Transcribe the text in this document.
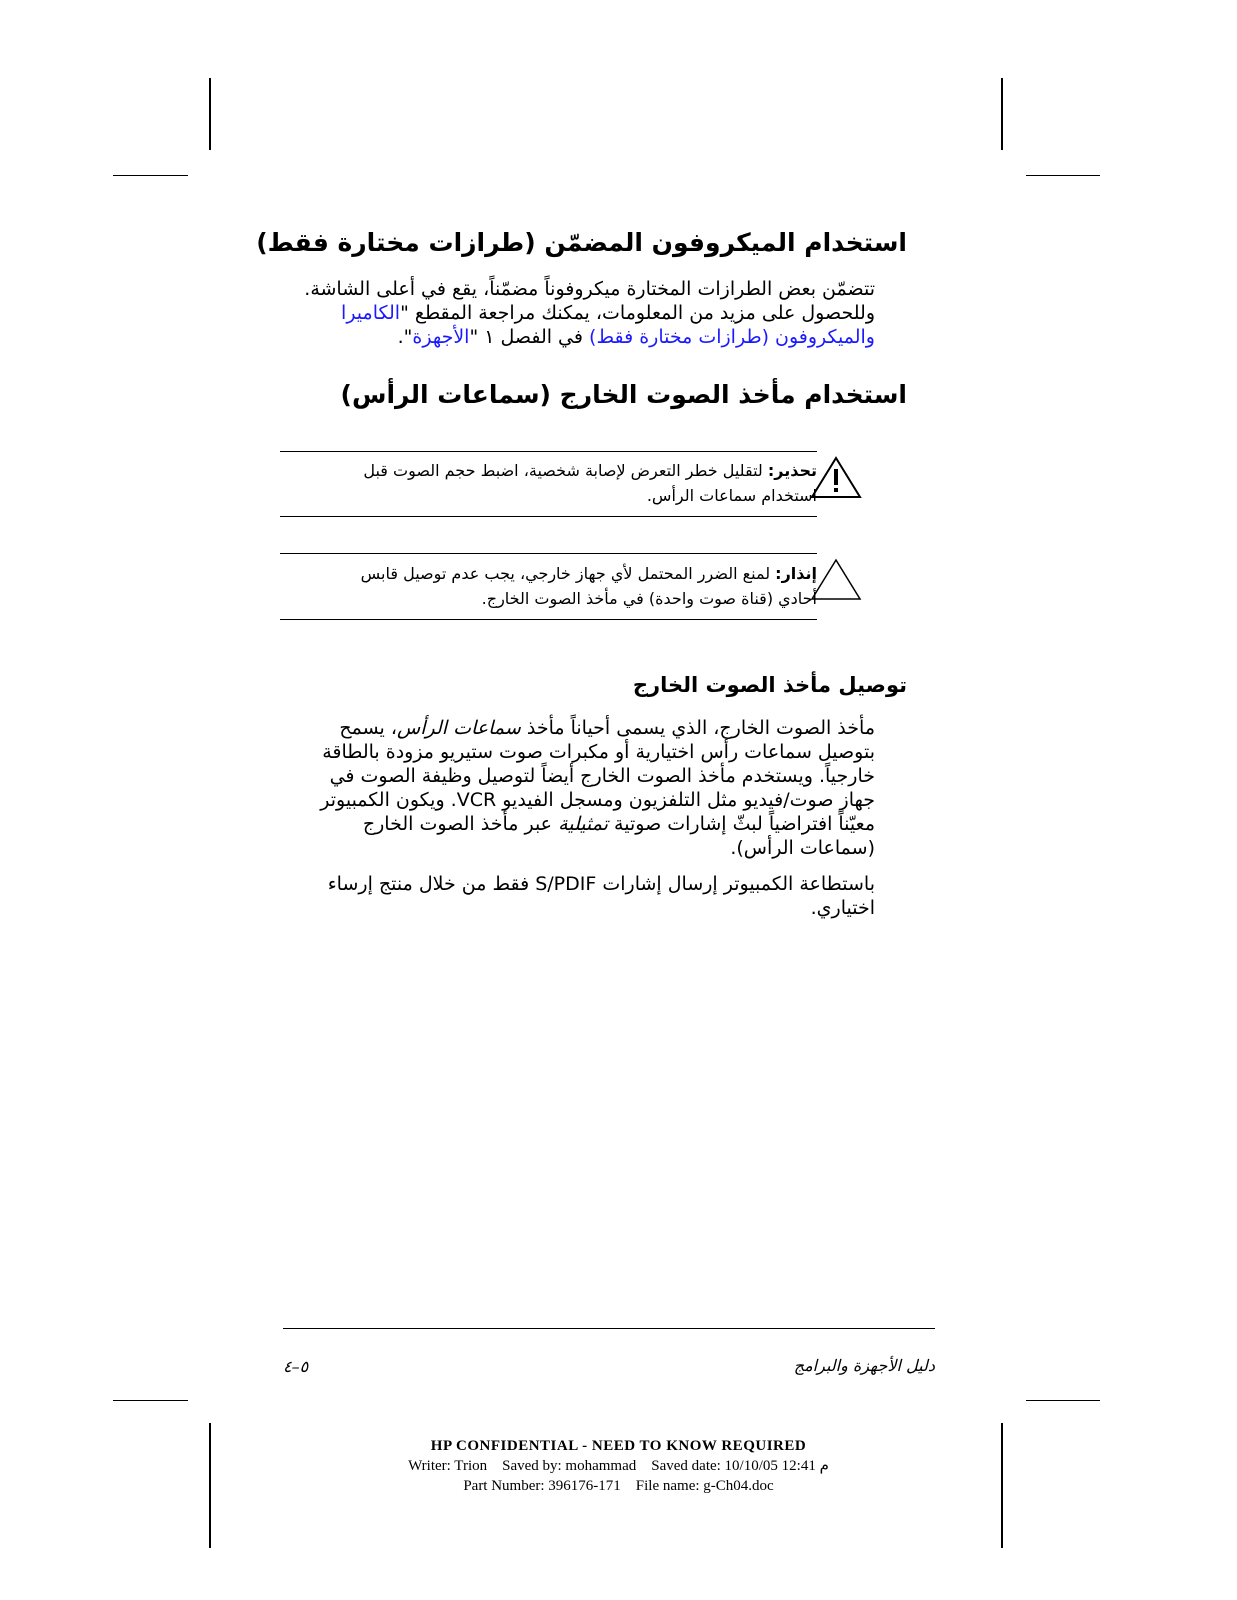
استخدام الميكروفون المضمّن (طرازات مختارة فقط)
تتضمّن بعض الطرازات المختارة ميكروفوناً مضمّناً، يقع في أعلى الشاشة.
وللحصول على مزيد من المعلومات، يمكنك مراجعة المقطع "الكاميرا
والميكروفون (طرازات مختارة فقط) في الفصل ١ "الأجهزة".
استخدام مأخذ الصوت الخارج (سماعات الرأس)
تحذير: لتقليل خطر التعرض لإصابة شخصية، اضبط حجم الصوت قبل
استخدام سماعات الرأس.
إنذار: لمنع الضرر المحتمل لأي جهاز خارجي، يجب عدم توصيل قابس
أحادي (قناة صوت واحدة) في مأخذ الصوت الخارج.
توصيل مأخذ الصوت الخارج
مأخذ الصوت الخارج، الذي يسمى أحياناً مأخذ سماعات الرأس، يسمح
بتوصيل سماعات رأس اختيارية أو مكبرات صوت ستيريو مزودة بالطاقة
خارجياً. ويستخدم مأخذ الصوت الخارج أيضاً لتوصيل وظيفة الصوت في
جهاز صوت/فيديو مثل التلفزيون ومسجل الفيديو VCR. ويكون الكمبيوتر
معيّناً افتراضياً لبثّ إشارات صوتية تمثيلية عبر مأخذ الصوت الخارج
(سماعات الرأس).
باستطاعة الكمبيوتر إرسال إشارات S/PDIF فقط من خلال منتج إرساء
اختياري.
٥–٤	دليل الأجهزة والبرامج
HP CONFIDENTIAL - NEED TO KNOW REQUIRED
Writer: Trion    Saved by: mohammad    Saved date: 10/10/05 12:41 م
Part Number: 396176-171    File name: g-Ch04.doc
